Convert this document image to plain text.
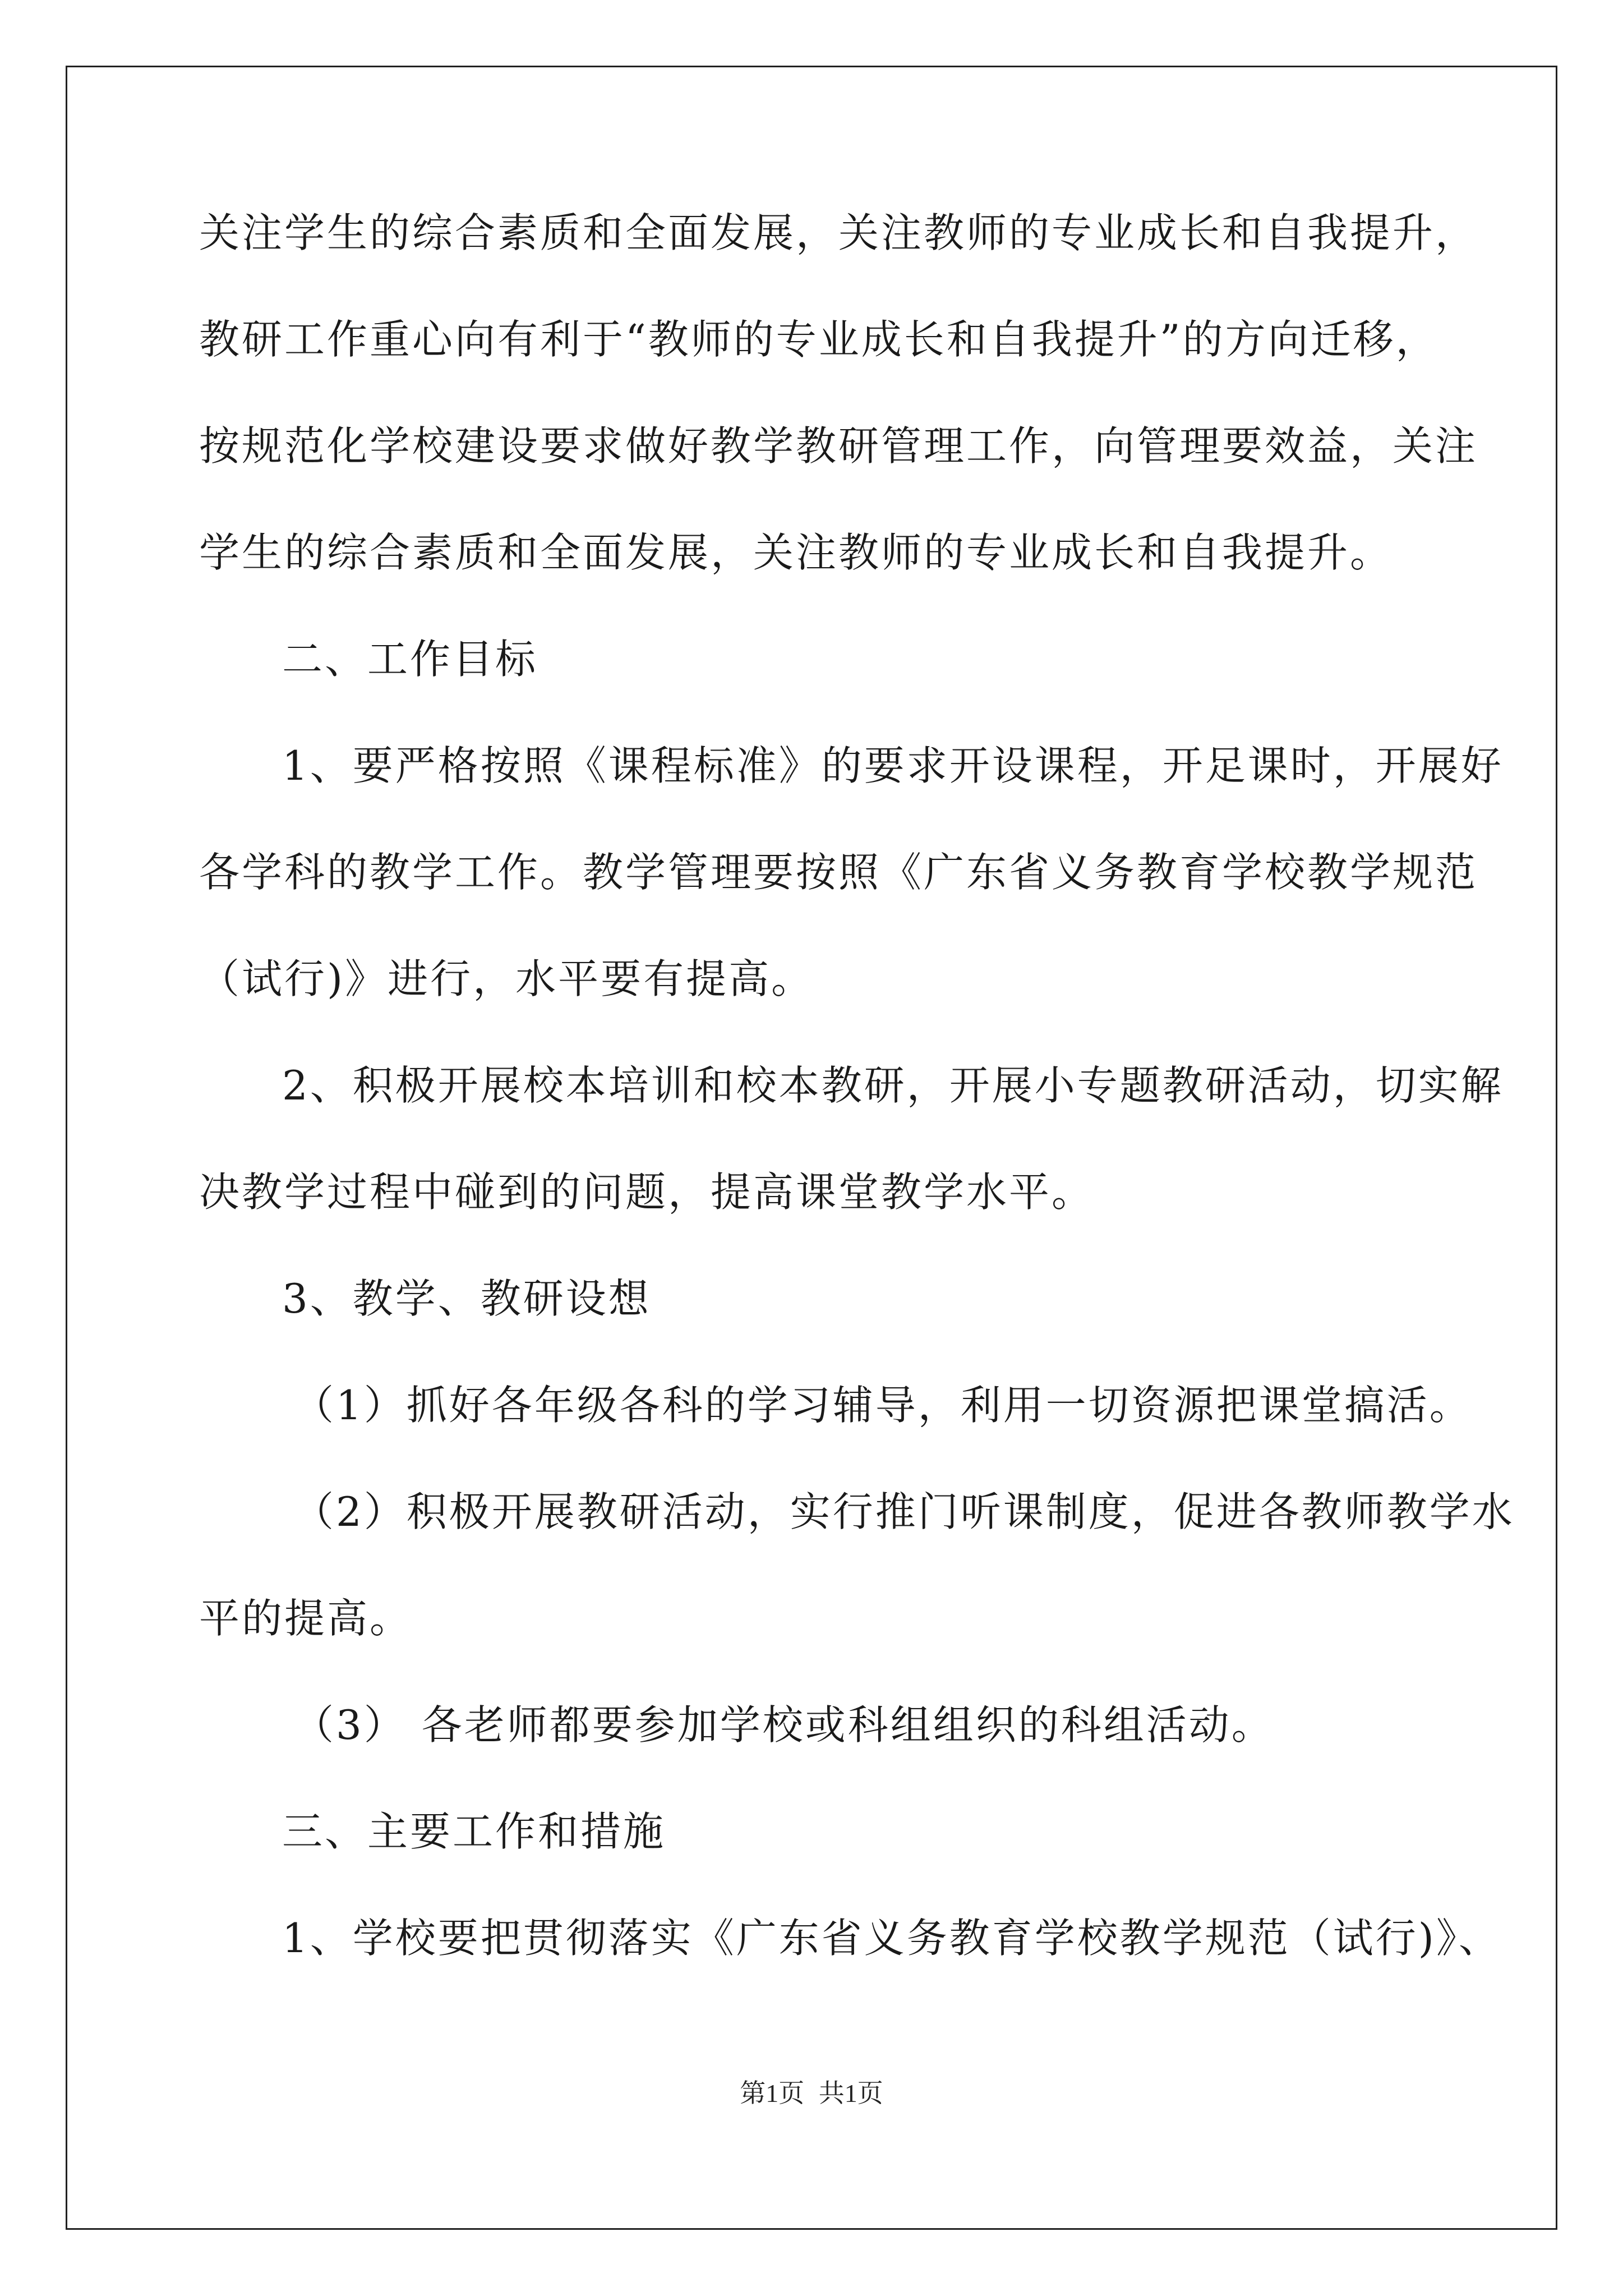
关注学生的综合素质和全面发展，关注教师的专业成长和自我提升，
教研工作重心向有利于“教师的专业成长和自我提升”的方向迁移，
按规范化学校建设要求做好教学教研管理工作，向管理要效益，关注
学生的综合素质和全面发展，关注教师的专业成长和自我提升。
二、工作目标
1、要严格按照《课程标准》的要求开设课程，开足课时，开展好
各学科的教学工作。教学管理要按照《广东省义务教育学校教学规范
（试行)》进行，水平要有提高。
2、积极开展校本培训和校本教研，开展小专题教研活动，切实解
决教学过程中碰到的问题，提高课堂教学水平。
3、教学、教研设想
（1）抓好各年级各科的学习辅导，利用一切资源把课堂搞活。
（2）积极开展教研活动，实行推门听课制度，促进各教师教学水
平的提高。
（3） 各老师都要参加学校或科组组织的科组活动。
三、主要工作和措施
1、学校要把贯彻落实《广东省义务教育学校教学规范（试行)》、
第1页 共1页
